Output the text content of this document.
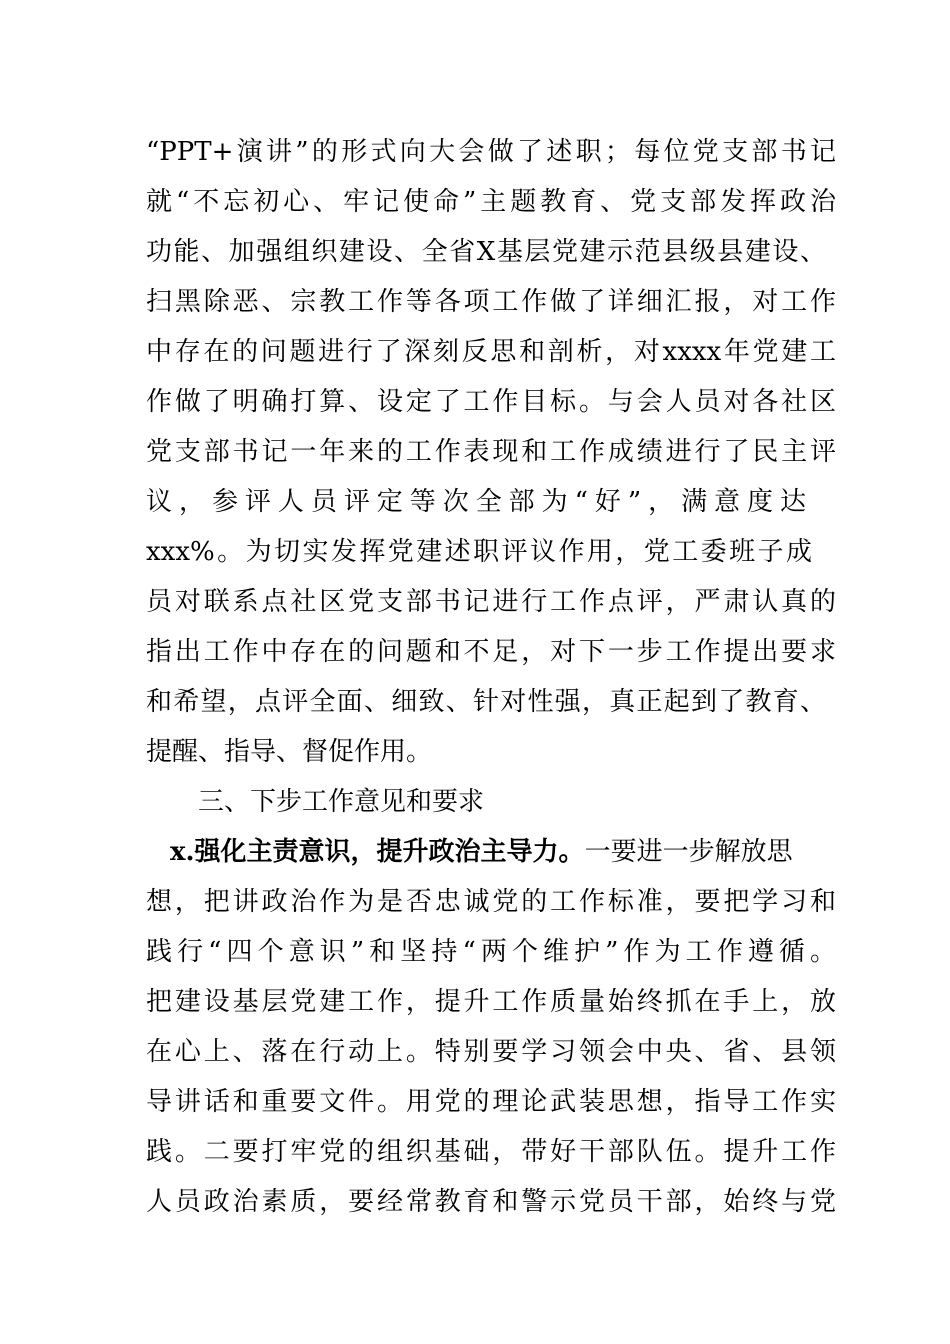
“PPT+演讲”的形式向大会做了述职；每位党支部书记
就“不忘初心、牢记使命”主题教育、党支部发挥政治
功能、加强组织建设、全省X基层党建示范县级县建设、
扫黑除恶、宗教工作等各项工作做了详细汇报，对工作
中存在的问题进行了深刻反思和剖析，对xxxx年党建工
作做了明确打算、设定了工作目标。与会人员对各社区
党支部书记一年来的工作表现和工作成绩进行了民主评
议，参评人员评定等次全部为“好”，满意度达
xxx%。为切实发挥党建述职评议作用，党工委班子成
员对联系点社区党支部书记进行工作点评，严肃认真的
指出工作中存在的问题和不足，对下一步工作提出要求
和希望，点评全面、细致、针对性强，真正起到了教育、
提醒、指导、督促作用。
三、下步工作意见和要求
x.强化主责意识，提升政治主导力。一要进一步解放思
想，把讲政治作为是否忠诚党的工作标准，要把学习和
践行“四个意识”和坚持“两个维护”作为工作遵循。
把建设基层党建工作，提升工作质量始终抓在手上，放
在心上、落在行动上。特别要学习领会中央、省、县领
导讲话和重要文件。用党的理论武装思想，指导工作实
践。二要打牢党的组织基础，带好干部队伍。提升工作
人员政治素质，要经常教育和警示党员干部，始终与党
